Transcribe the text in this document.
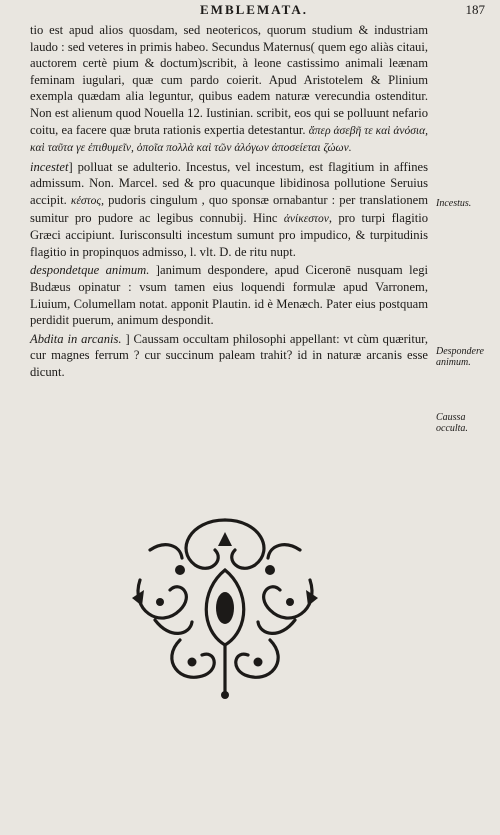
EMBLEMATA.	187

tio est apud alios quosdam, sed neotericos, quorum studium & industriam laudo : sed veteres in primis habeo. Secundus Maternus( quem ego aliàs citaui, auctorem certè pium & doctum)scribit, à leone castissimo animali leænam feminam iugulari, quæ cum pardo coierit. Apud Aristotelem & Plinium exempla quædam alia leguntur, quibus eadem naturæ verecundia ostenditur. Non est alienum quod Nouella 12. Iustinian. scribit, eos qui se polluunt nefario coitu, ea facere quæ bruta rationis expertia detestantur. ἅπερ ἀσεβῆ τε καὶ ἀνόσια, καὶ ταῦτα γε ἐπιθυμεῖν, ὁποῖα πολλὰ καὶ τῶν ἀλόγων ἀποσείεται ζώων.

incestet] polluat se adulterio. Incestus, vel incestum, est flagitium in affines admissum. Non. Marcel. sed & pro quacunque libidinosa pollutione Seruius accipit. κέστος, pudoris cingulum , quo sponsæ ornabantur : per translationem sumitur pro pudore ac legibus connubij. Hinc ἀνίκεστον, pro turpi flagitio Græci accipiunt. Iurisconsulti incestum sumunt pro impudico, & turpitudinis flagitio in propinquos admisso, l. vlt. D. de ritu nupt.

despondetque animum. ]animum despondere, apud Ciceronē nusquam legi Budæus opinatur : vsum tamen eius loquendi formulæ apud Varronem, Liuium, Columellam notat. apponit Plautin. id è Menæch. Pater eius postquam perdidit puerum, animum despondit.

Abdita in arcanis. ] Caussam occultam philosophi appellant: vt cùm quæritur, cur magnes ferrum ? cur succinum paleam trahit? id in naturæ arcanis esse dicunt.

Incestus.
Despondere animum.
Caussa occulta.
